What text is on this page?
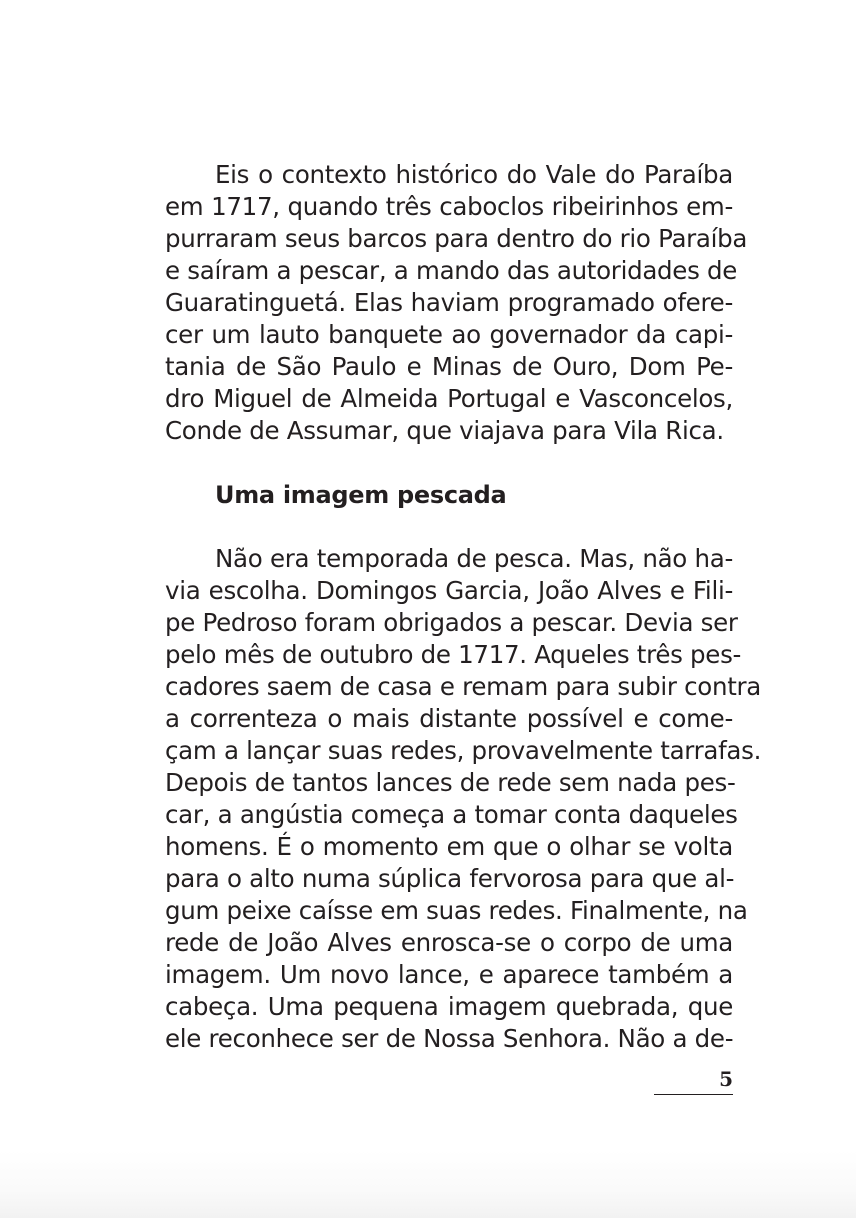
Eis o contexto histórico do Vale do Paraíba
em 1717, quando três caboclos ribeirinhos em-
purraram seus barcos para dentro do rio Paraíba
e saíram a pescar, a mando das autoridades de
Guaratinguetá. Elas haviam programado ofere-
cer um lauto banquete ao governador da capi-
tania de São Paulo e Minas de Ouro, Dom Pe-
dro Miguel de Almeida Portugal e Vasconcelos,
Conde de Assumar, que viajava para Vila Rica.
Uma imagem pescada
Não era temporada de pesca. Mas, não ha-
via escolha. Domingos Garcia, João Alves e Fili-
pe Pedroso foram obrigados a pescar. Devia ser
pelo mês de outubro de 1717. Aqueles três pes-
cadores saem de casa e remam para subir contra
a correnteza o mais distante possível e come-
çam a lançar suas redes, provavelmente tarrafas.
Depois de tantos lances de rede sem nada pes-
car, a angústia começa a tomar conta daqueles
homens. É o momento em que o olhar se volta
para o alto numa súplica fervorosa para que al-
gum peixe caísse em suas redes. Finalmente, na
rede de João Alves enrosca-se o corpo de uma
imagem. Um novo lance, e aparece também a
cabeça. Uma pequena imagem quebrada, que
ele reconhece ser de Nossa Senhora. Não a de-
5
